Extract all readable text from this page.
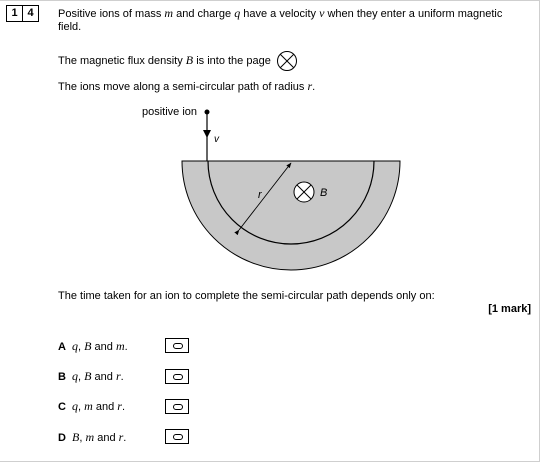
1 4	Positive ions of mass m and charge q have a velocity v when they enter a uniform magnetic field.
The magnetic flux density B is into the page
The ions move along a semi-circular path of radius r.
positive ion
v
r	B
The time taken for an ion to complete the semi-circular path depends only on:
[1 mark]
A q, B and m.
B q, B and r.
C q, m and r.
D B, m and r.
